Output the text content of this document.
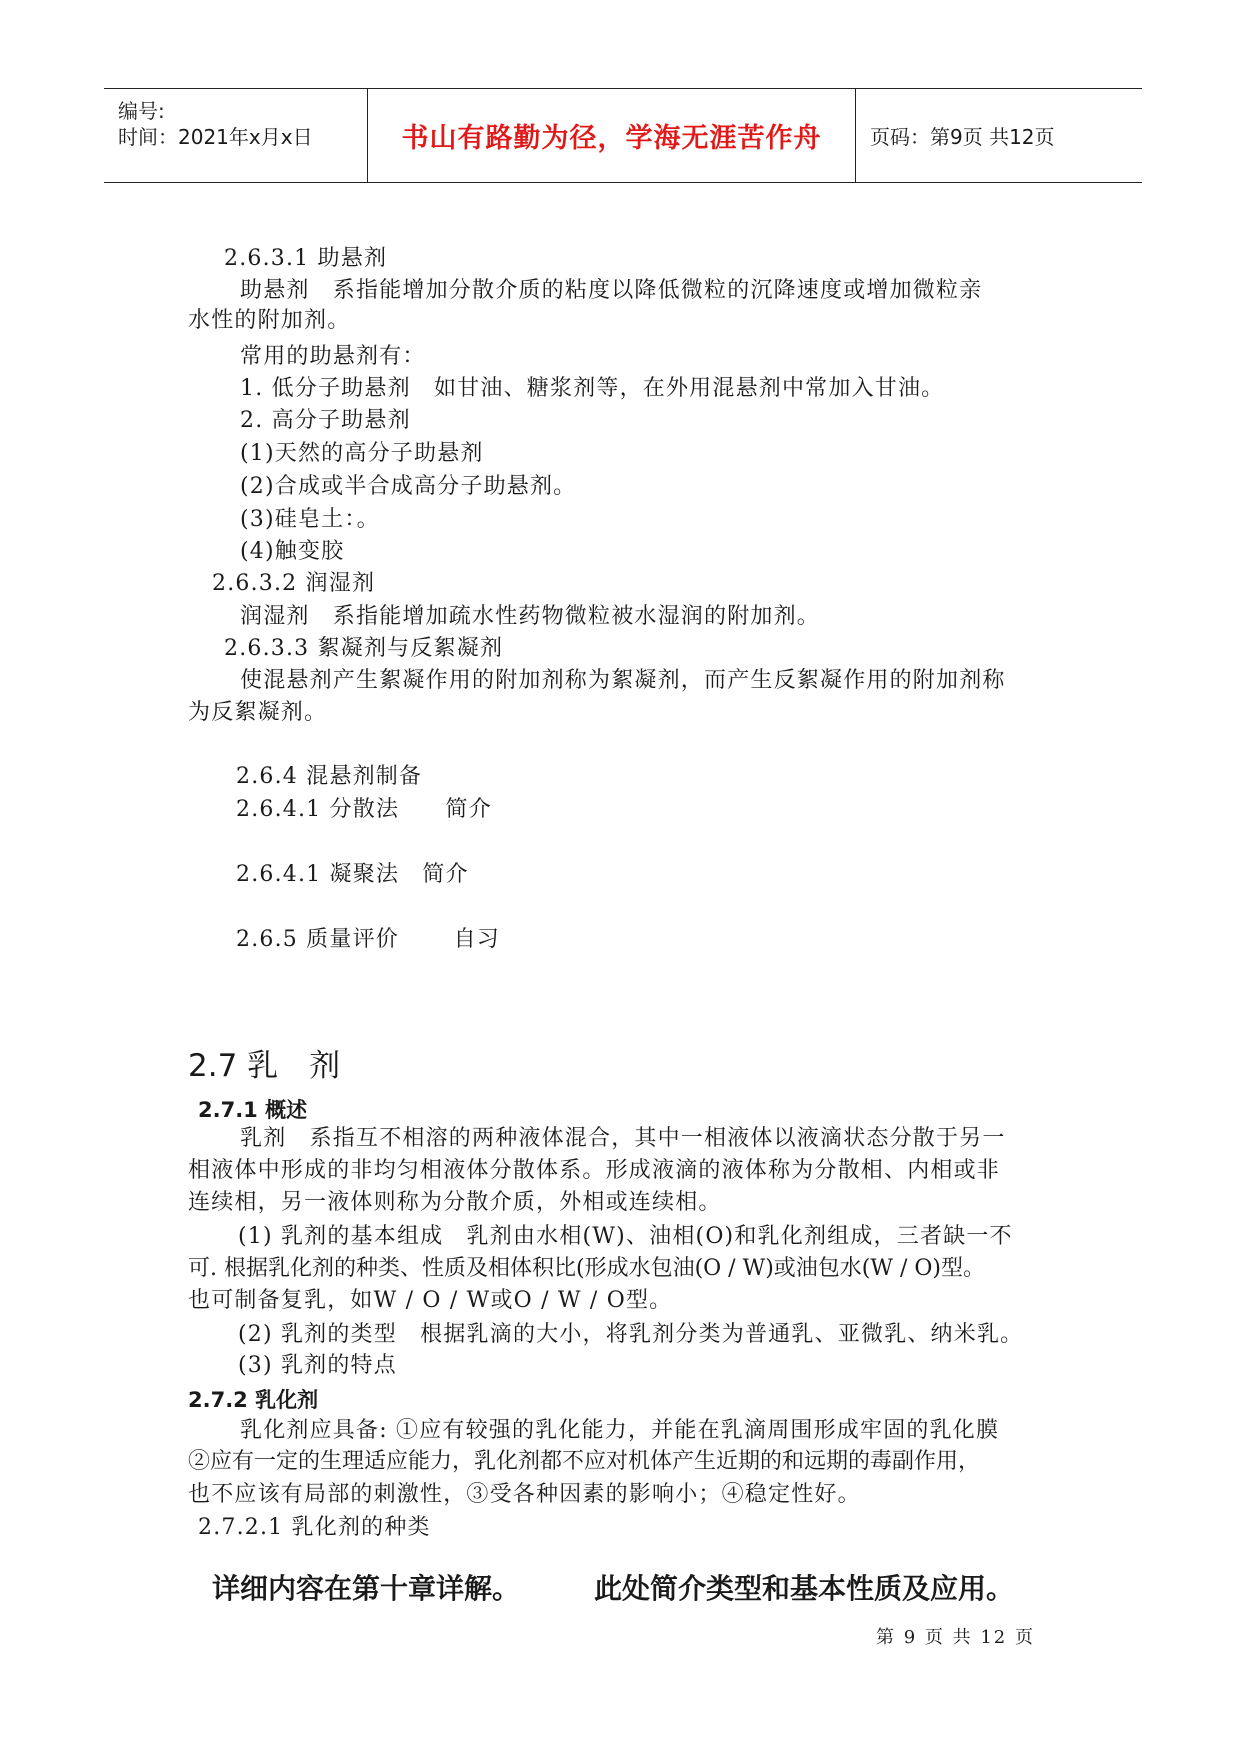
编号:
时间：2021年x月x日	书山有路勤为径，学海无涯苦作舟 页码：第9页 共12页
2.6.3.1 助悬剂
助悬剂　系指能增加分散介质的粘度以降低微粒的沉降速度或增加微粒亲
水性的附加剂。
常用的助悬剂有：
1. 低分子助悬剂　如甘油、糖浆剂等，在外用混悬剂中常加入甘油。
2. 高分子助悬剂
(1)天然的高分子助悬剂
(2)合成或半合成高分子助悬剂。
(3)硅皂土：。
(4)触变胶
2.6.3.2 润湿剂
润湿剂　系指能增加疏水性药物微粒被水湿润的附加剂。
2.6.3.3 絮凝剂与反絮凝剂
使混悬剂产生絮凝作用的附加剂称为絮凝剂，而产生反絮凝作用的附加剂称
为反絮凝剂。
2.6.4 混悬剂制备
2.6.4.1 分散法　　简介
2.6.4.1 凝聚法　简介
2.6.5 质量评价　　 自习
2.7 乳　剂
2.7.1 概述
乳剂　系指互不相溶的两种液体混合，其中一相液体以液滴状态分散于另一
相液体中形成的非均匀相液体分散体系。形成液滴的液体称为分散相、内相或非
连续相，另一液体则称为分散介质，外相或连续相。
(1) 乳剂的基本组成　乳剂由水相(W)、油相(O)和乳化剂组成，三者缺一不
可. 根据乳化剂的种类、性质及相体积比(形成水包油(O / W)或油包水(W / O)型。
也可制备复乳，如W / O / W或O / W / O型。
(2) 乳剂的类型　根据乳滴的大小，将乳剂分类为普通乳、亚微乳、纳米乳。
(3) 乳剂的特点
2.7.2 乳化剂
乳化剂应具备: ①应有较强的乳化能力，并能在乳滴周围形成牢固的乳化膜
②应有一定的生理适应能力，乳化剂都不应对机体产生近期的和远期的毒副作用，
也不应该有局部的刺激性，③受各种因素的影响小；④稳定性好。
2.7.2.1 乳化剂的种类
详细内容在第十章详解。	此处简介类型和基本性质及应用。
第 9 页 共 12 页
